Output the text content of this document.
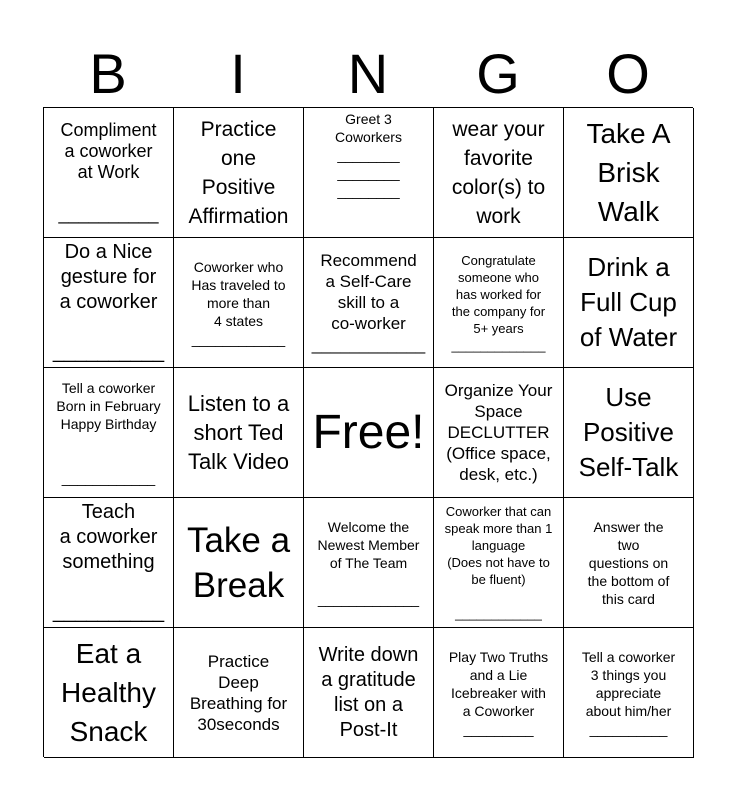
B	I	N	G	O
Compliment
a coworker
at Work

__________
Practice
one
Positive
Affirmation
Greet 3
Coworkers
________
________
________
wear your
favorite
color(s) to
work
Take A
Brisk
Walk
Do a Nice
gesture for
a coworker

__________
Coworker who
Has traveled to
more than
4 states
____________
Recommend
a Self-Care
skill to a
co-worker
____________
Congratulate
someone who
has worked for
the company for
5+ years
_____________
Drink a
Full Cup
of Water
Tell a coworker
Born in February
Happy Birthday

____________
Listen to a
short Ted
Talk Video
Free!
Organize Your
Space
DECLUTTER
(Office space,
desk, etc.)
Use
Positive
Self-Talk
Teach
a coworker
something

__________
Take a
Break
Welcome the
Newest Member
of The Team

_____________
Coworker that can
speak more than 1
language
(Does not have to
be fluent)

____________
Answer the
two
questions on
the bottom of
this card
Eat a
Healthy
Snack
Practice
Deep
Breathing for
30seconds
Write down
a gratitude
list on a
Post-It
Play Two Truths
and a Lie
Icebreaker with
a Coworker
_________
Tell a coworker
3 things you
appreciate
about him/her
__________
